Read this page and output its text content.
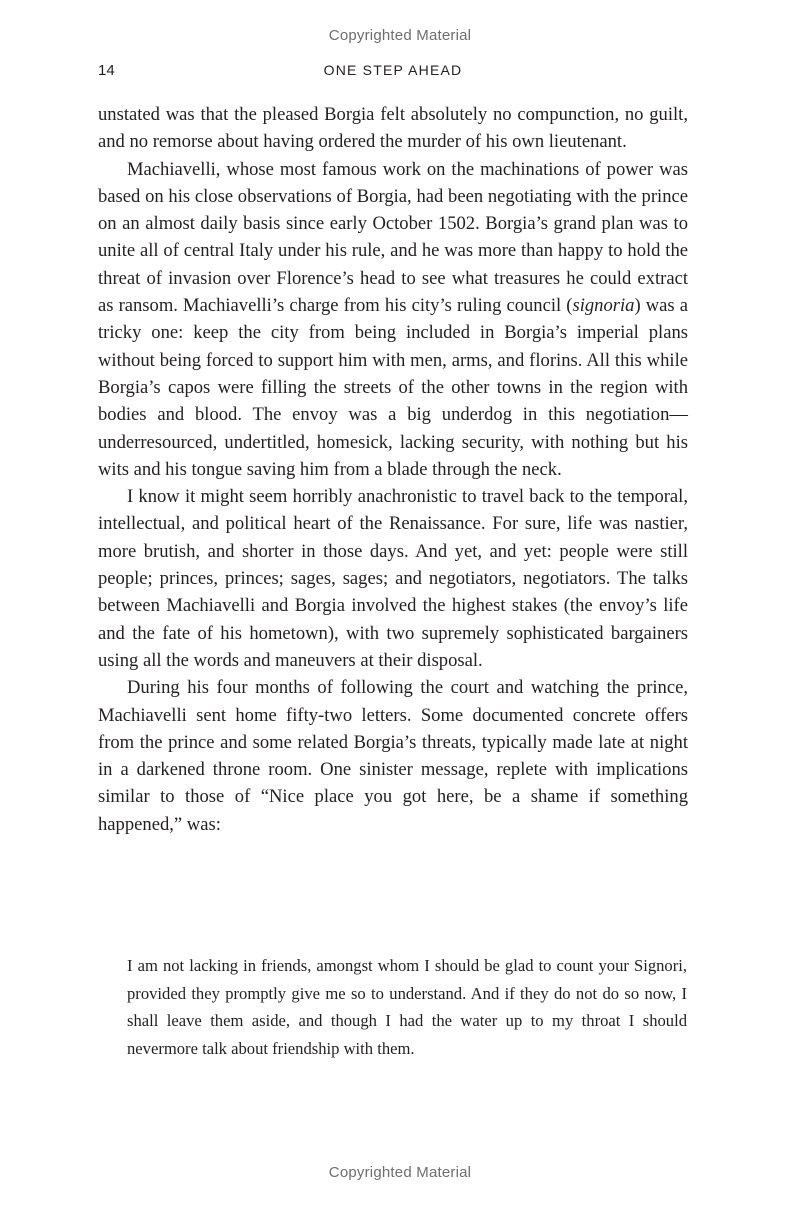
Copyrighted Material
14	ONE STEP AHEAD

unstated was that the pleased Borgia felt absolutely no compunction, no guilt, and no remorse about having ordered the murder of his own lieutenant.

Machiavelli, whose most famous work on the machinations of power was based on his close observations of Borgia, had been negotiating with the prince on an almost daily basis since early October 1502. Borgia’s grand plan was to unite all of central Italy under his rule, and he was more than happy to hold the threat of invasion over Florence’s head to see what treasures he could extract as ransom. Machiavelli’s charge from his city’s ruling council (signoria) was a tricky one: keep the city from being included in Borgia’s imperial plans without being forced to support him with men, arms, and florins. All this while Borgia’s capos were filling the streets of the other towns in the region with bodies and blood. The envoy was a big underdog in this negotiation—underresourced, undertitled, homesick, lacking security, with nothing but his wits and his tongue saving him from a blade through the neck.

I know it might seem horribly anachronistic to travel back to the temporal, intellectual, and political heart of the Renaissance. For sure, life was nastier, more brutish, and shorter in those days. And yet, and yet: people were still people; princes, princes; sages, sages; and negotiators, negotiators. The talks between Machiavelli and Borgia involved the highest stakes (the envoy’s life and the fate of his hometown), with two supremely sophisticated bargainers using all the words and maneuvers at their disposal.

During his four months of following the court and watching the prince, Machiavelli sent home fifty-two letters. Some documented concrete offers from the prince and some related Borgia’s threats, typically made late at night in a darkened throne room. One sinister message, replete with implications similar to those of “Nice place you got here, be a shame if something happened,” was:

I am not lacking in friends, amongst whom I should be glad to count your Signori, provided they promptly give me so to understand. And if they do not do so now, I shall leave them aside, and though I had the water up to my throat I should nevermore talk about friendship with them.
Copyrighted Material
